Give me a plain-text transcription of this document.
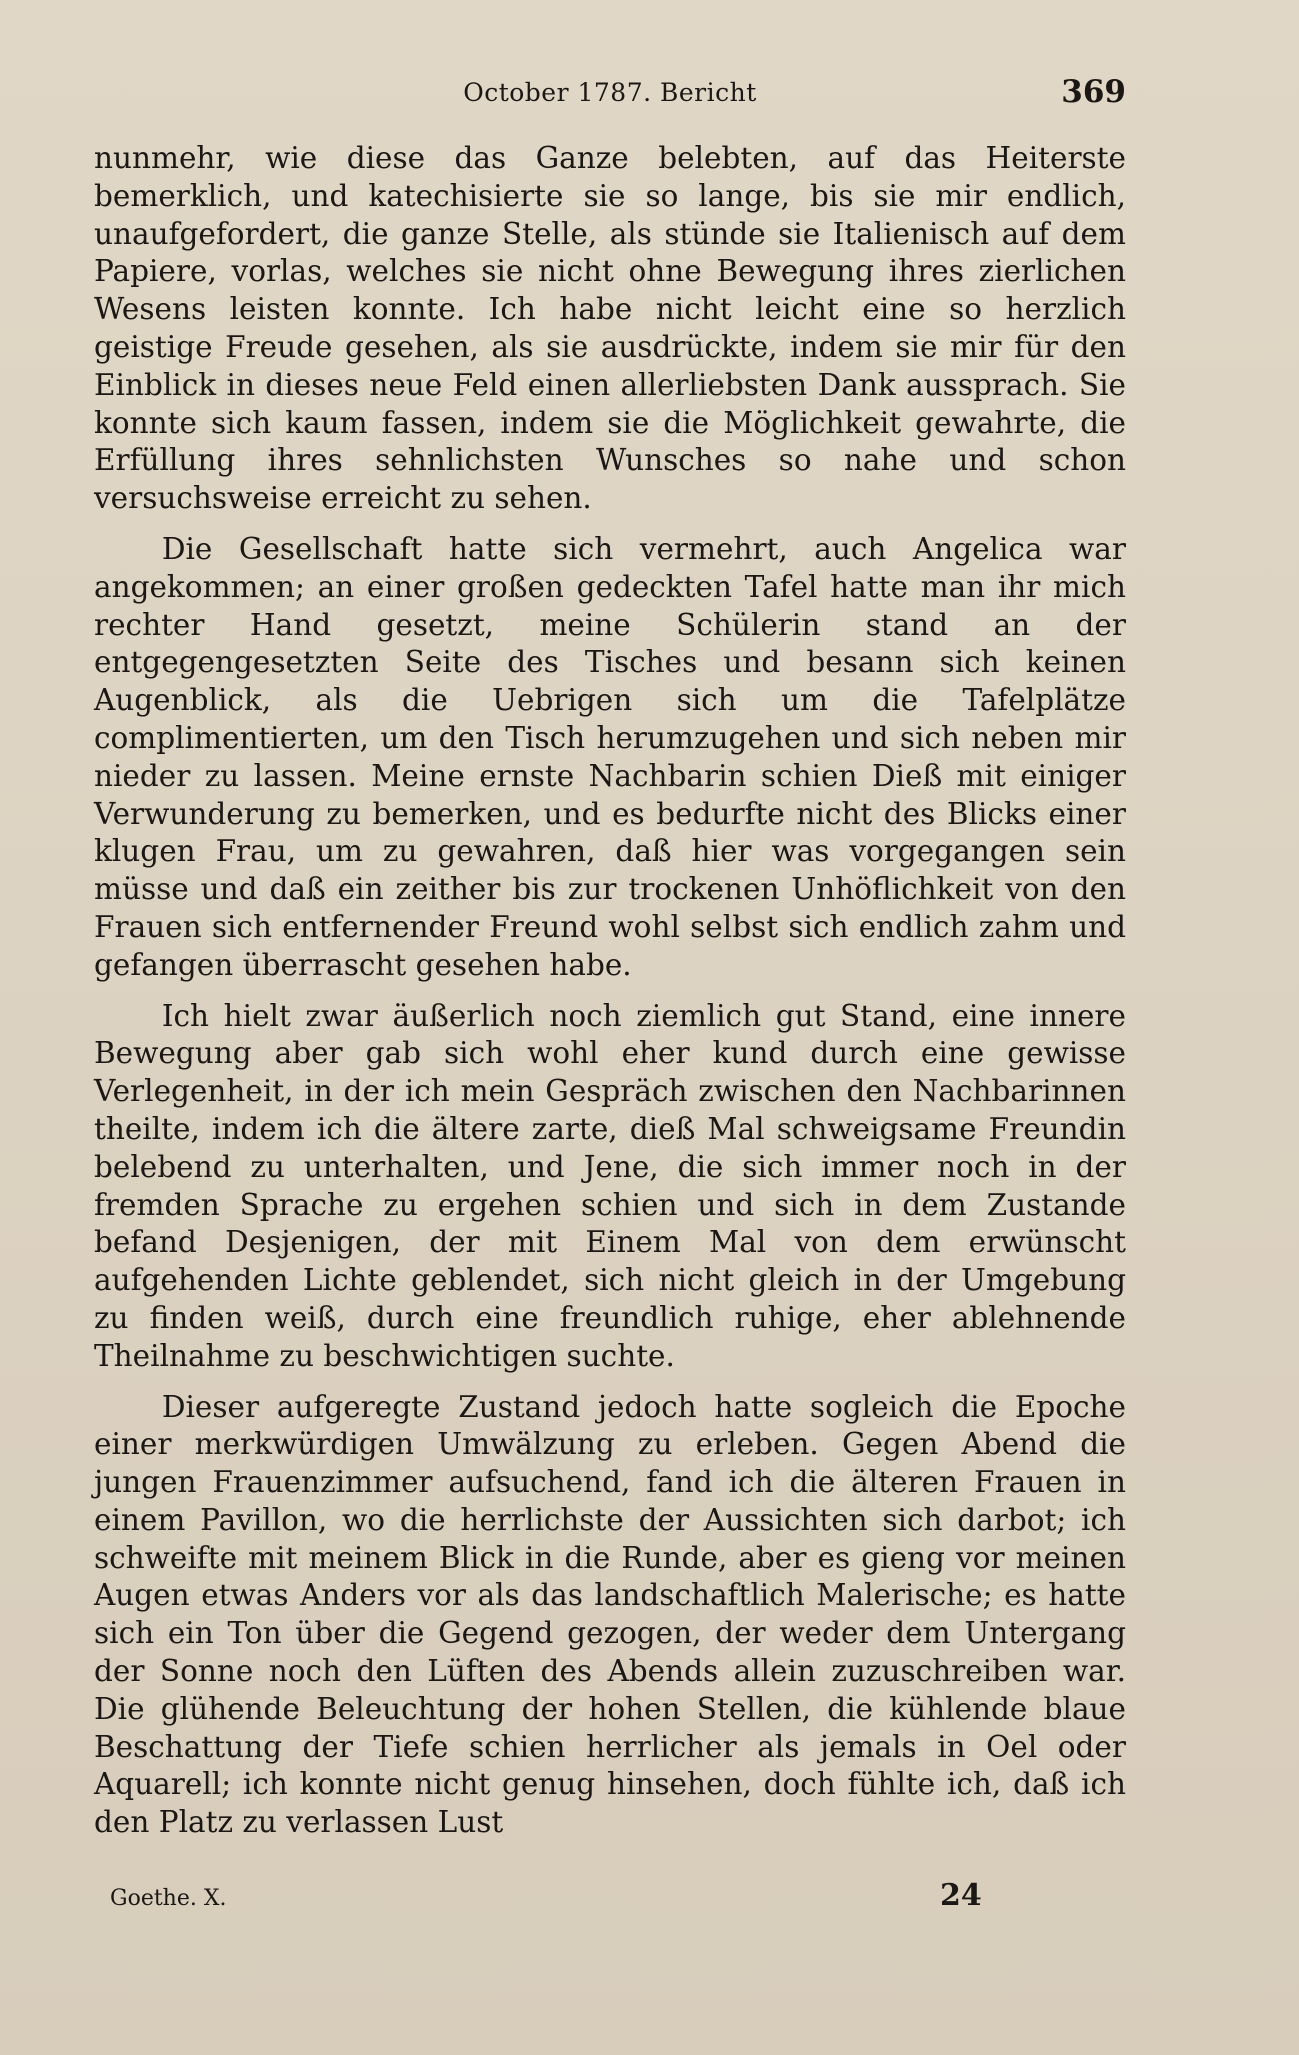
October 1787. Bericht	369

nunmehr, wie diese das Ganze belebten, auf das Heiterste bemerklich, und katechisierte sie so lange, bis sie mir endlich, unaufgefordert, die ganze Stelle, als stünde sie Italienisch auf dem Papiere, vorlas, welches sie nicht ohne Bewegung ihres zierlichen Wesens leisten konnte. Ich habe nicht leicht eine so herzlich geistige Freude gesehen, als sie ausdrückte, indem sie mir für den Einblick in dieses neue Feld einen allerliebsten Dank aussprach. Sie konnte sich kaum fassen, indem sie die Möglichkeit gewahrte, die Erfüllung ihres sehnlichsten Wunsches so nahe und schon versuchsweise erreicht zu sehen.

Die Gesellschaft hatte sich vermehrt, auch Angelica war angekommen; an einer großen gedeckten Tafel hatte man ihr mich rechter Hand gesetzt, meine Schülerin stand an der entgegengesetzten Seite des Tisches und besann sich keinen Augenblick, als die Uebrigen sich um die Tafelplätze complimentierten, um den Tisch herumzugehen und sich neben mir nieder zu lassen. Meine ernste Nachbarin schien Dieß mit einiger Verwunderung zu bemerken, und es bedurfte nicht des Blicks einer klugen Frau, um zu gewahren, daß hier was vorgegangen sein müsse und daß ein zeither bis zur trockenen Unhöflichkeit von den Frauen sich entfernender Freund wohl selbst sich endlich zahm und gefangen überrascht gesehen habe.

Ich hielt zwar äußerlich noch ziemlich gut Stand, eine innere Bewegung aber gab sich wohl eher kund durch eine gewisse Verlegenheit, in der ich mein Gespräch zwischen den Nachbarinnen theilte, indem ich die ältere zarte, dieß Mal schweigsame Freundin belebend zu unterhalten, und Jene, die sich immer noch in der fremden Sprache zu ergehen schien und sich in dem Zustande befand Desjenigen, der mit Einem Mal von dem erwünscht aufgehenden Lichte geblendet, sich nicht gleich in der Umgebung zu finden weiß, durch eine freundlich ruhige, eher ablehnende Theilnahme zu beschwichtigen suchte.

Dieser aufgeregte Zustand jedoch hatte sogleich die Epoche einer merkwürdigen Umwälzung zu erleben. Gegen Abend die jungen Frauenzimmer aufsuchend, fand ich die älteren Frauen in einem Pavillon, wo die herrlichste der Aussichten sich darbot; ich schweifte mit meinem Blick in die Runde, aber es gieng vor meinen Augen etwas Anders vor als das landschaftlich Malerische; es hatte sich ein Ton über die Gegend gezogen, der weder dem Untergang der Sonne noch den Lüften des Abends allein zuzuschreiben war. Die glühende Beleuchtung der hohen Stellen, die kühlende blaue Beschattung der Tiefe schien herrlicher als jemals in Oel oder Aquarell; ich konnte nicht genug hinsehen, doch fühlte ich, daß ich den Platz zu verlassen Lust

Goethe. X.	24
